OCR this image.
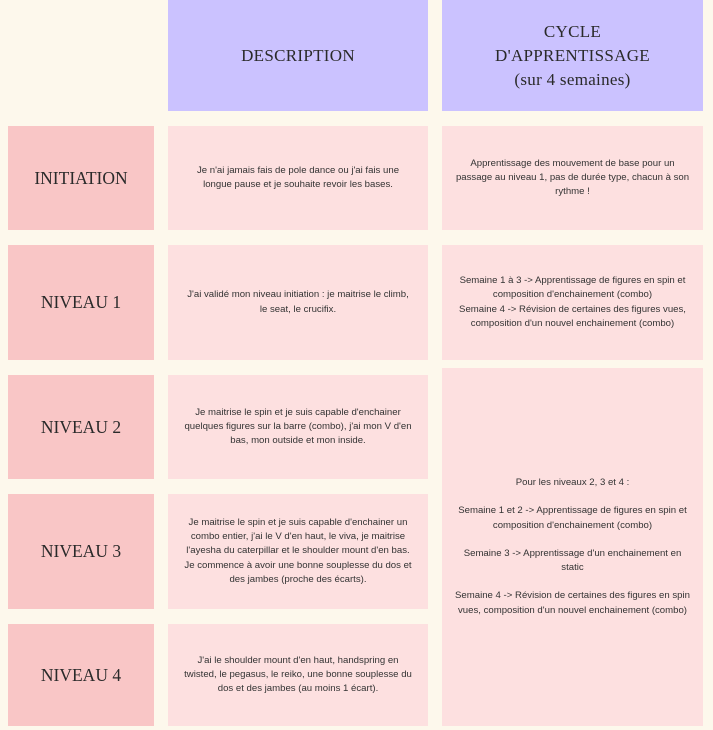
DESCRIPTION
CYCLE
D'APPRENTISSAGE
(sur 4 semaines)
INITIATION	Je n'ai jamais fais de pole dance ou j'ai fais une longue pause et je souhaite revoir les bases.

Apprentissage des mouvement de base pour un passage au niveau 1, pas de durée type, chacun à son rythme !

NIVEAU 1	J'ai validé mon niveau initiation : je maitrise le climb, le seat, le crucifix.

Semaine 1 à 3 -> Apprentissage de figures en spin et composition d'enchainement (combo)

Semaine 4 -> Révision de certaines des figures vues, composition d'un nouvel enchainement (combo)

NIVEAU 2
Je maitrise le spin et je suis capable d'enchainer quelques figures sur la barre (combo), j'ai mon V d'en bas, mon outside et mon inside.
NIVEAU 3
Je maitrise le spin et je suis capable d'enchainer un combo entier, j'ai le V d'en haut, le viva, je maitrise l'ayesha du caterpillar et le shoulder mount d'en bas. Je commence à avoir une bonne souplesse du dos et des jambes (proche des écarts).
NIVEAU 4
J'ai le shoulder mount d'en haut, handspring en twisted, le pegasus, le reiko, une bonne souplesse du dos et des jambes (au moins 1 écart).

Pour les niveaux 2, 3 et 4 :

Semaine 1 et 2 -> Apprentissage de figures en spin et composition d'enchainement (combo)

Semaine 3 -> Apprentissage d'un enchainement en static

Semaine 4 -> Révision de certaines des figures en spin vues, composition d'un nouvel enchainement (combo)
